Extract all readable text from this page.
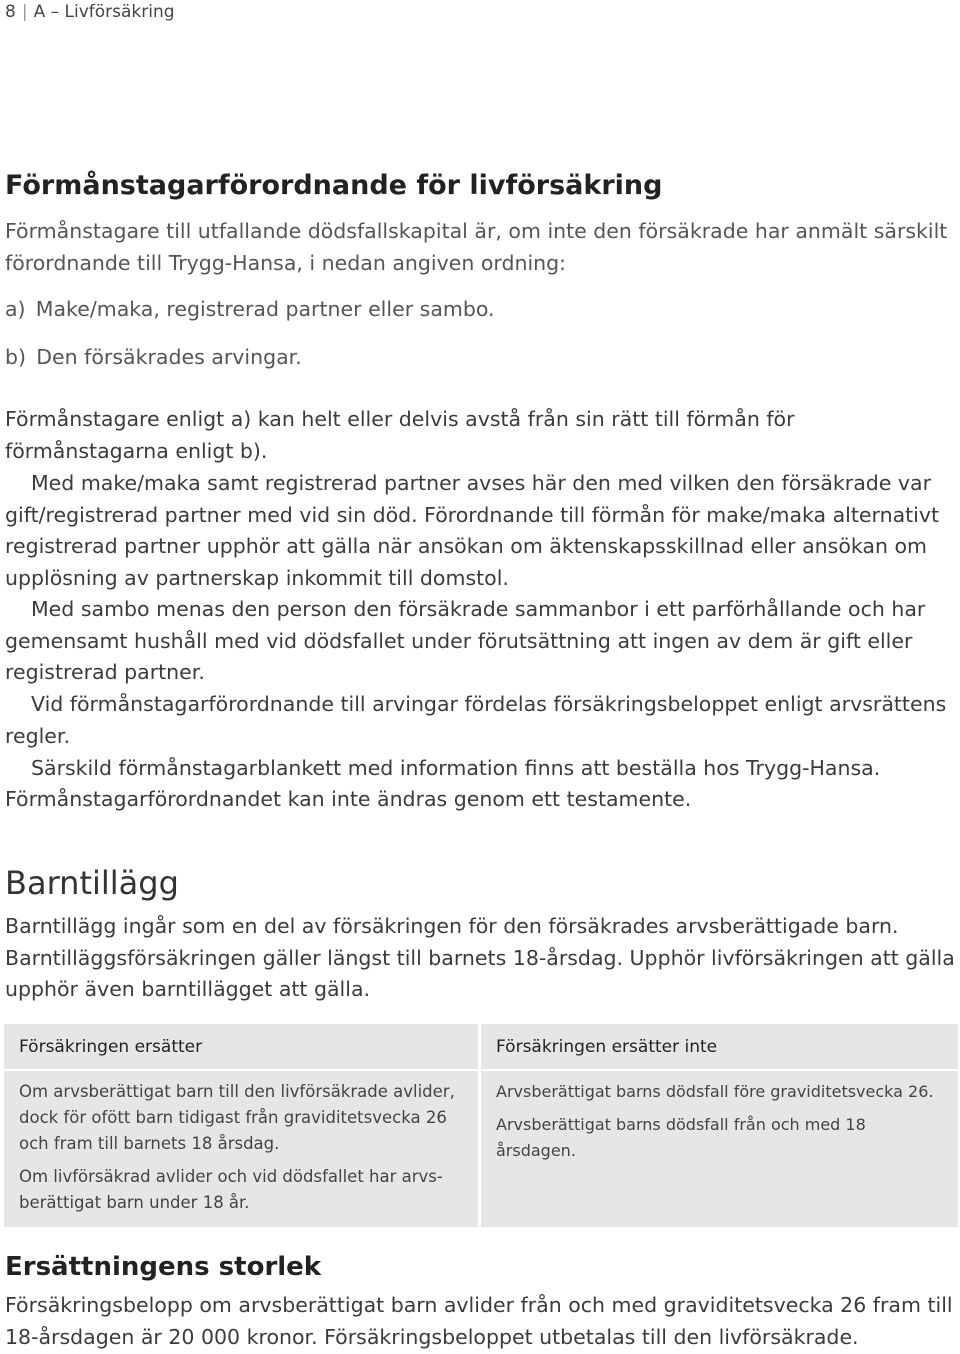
8 | A – Livförsäkring
Förmånstagarförordnande för livförsäkring

Förmånstagare till utfallande dödsfallskapital är, om inte den försäkrade har anmält särskilt förordnande till Trygg-Hansa, i nedan angiven ordning:

a) Make/maka, registrerad partner eller sambo.

b) Den försäkrades arvingar.

Förmånstagare enligt a) kan helt eller delvis avstå från sin rätt till förmån för förmånstagarna enligt b).

Med make/maka samt registrerad partner avses här den med vilken den försäkrade var gift/registrerad partner med vid sin död. Förordnande till förmån för make/maka alternativt registrerad partner upphör att gälla när ansökan om äktenskapsskillnad eller ansökan om upplösning av partnerskap inkommit till domstol.

Med sambo menas den person den försäkrade sammanbor i ett parförhållande och har gemensamt hushåll med vid dödsfallet under förutsättning att ingen av dem är gift eller registrerad partner.

Vid förmånstagarförordnande till arvingar fördelas försäkringsbeloppet enligt arvsrättens regler.

Särskild förmånstagarblankett med information finns att beställa hos Trygg-Hansa.

Förmånstagarförordnandet kan inte ändras genom ett testamente.

Barntillägg

Barntillägg ingår som en del av försäkringen för den försäkrades arvsberättigade barn. Barntilläggsförsäkringen gäller längst till barnets 18-årsdag. Upphör livförsäkringen att gälla upphör även barntillägget att gälla.

Försäkringen ersätter

Om arvsberättigat barn till den livförsäkrade avlider, dock för ofött barn tidigast från graviditetsvecka 26 och fram till barnets 18 årsdag.

Om livförsäkrad avlider och vid dödsfallet har arvs-berättigat barn under 18 år.

Försäkringen ersätter inte

Arvsberättigat barns dödsfall före graviditetsvecka 26.

Arvsberättigat barns dödsfall från och med 18 årsdagen.

Ersättningens storlek

Försäkringsbelopp om arvsberättigat barn avlider från och med graviditetsvecka 26 fram till 18-årsdagen är 20 000 kronor. Försäkringsbeloppet utbetalas till den livförsäkrade.
